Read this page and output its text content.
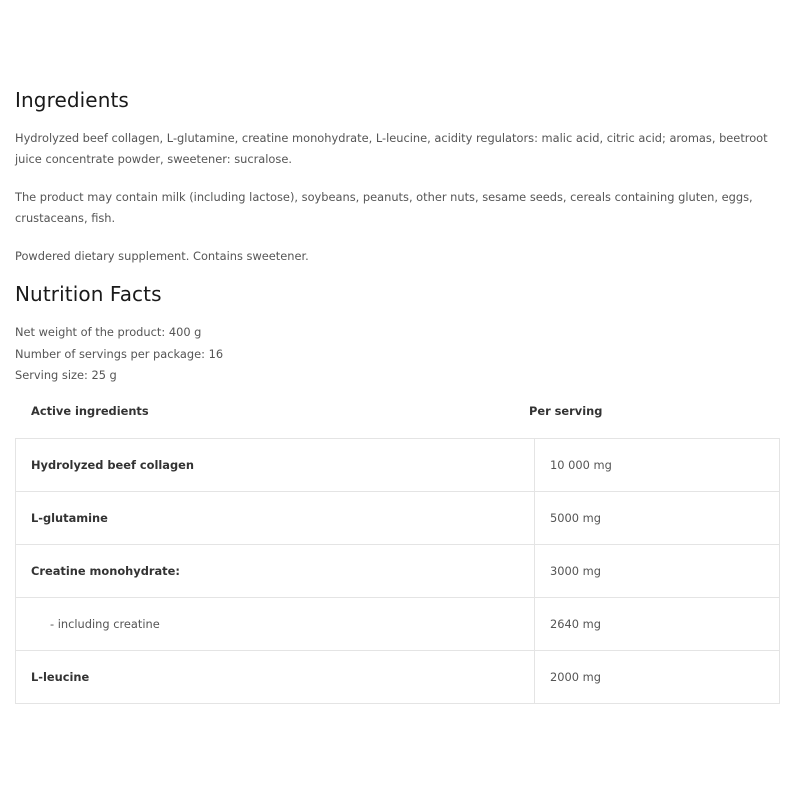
Ingredients

Hydrolyzed beef collagen, L-glutamine, creatine monohydrate, L-leucine, acidity regulators: malic acid, citric acid; aromas, beetroot juice concentrate powder, sweetener: sucralose.

The product may contain milk (including lactose), soybeans, peanuts, other nuts, sesame seeds, cereals containing gluten, eggs, crustaceans, fish.

Powdered dietary supplement. Contains sweetener.

Nutrition Facts
Net weight of the product: 400 g
Number of servings per package: 16
Serving size: 25 g
Active ingredients	Per serving
Hydrolyzed beef collagen	10 000 mg
L-glutamine	5000 mg
Creatine monohydrate:	3000 mg
- including creatine	2640 mg
L-leucine	2000 mg
